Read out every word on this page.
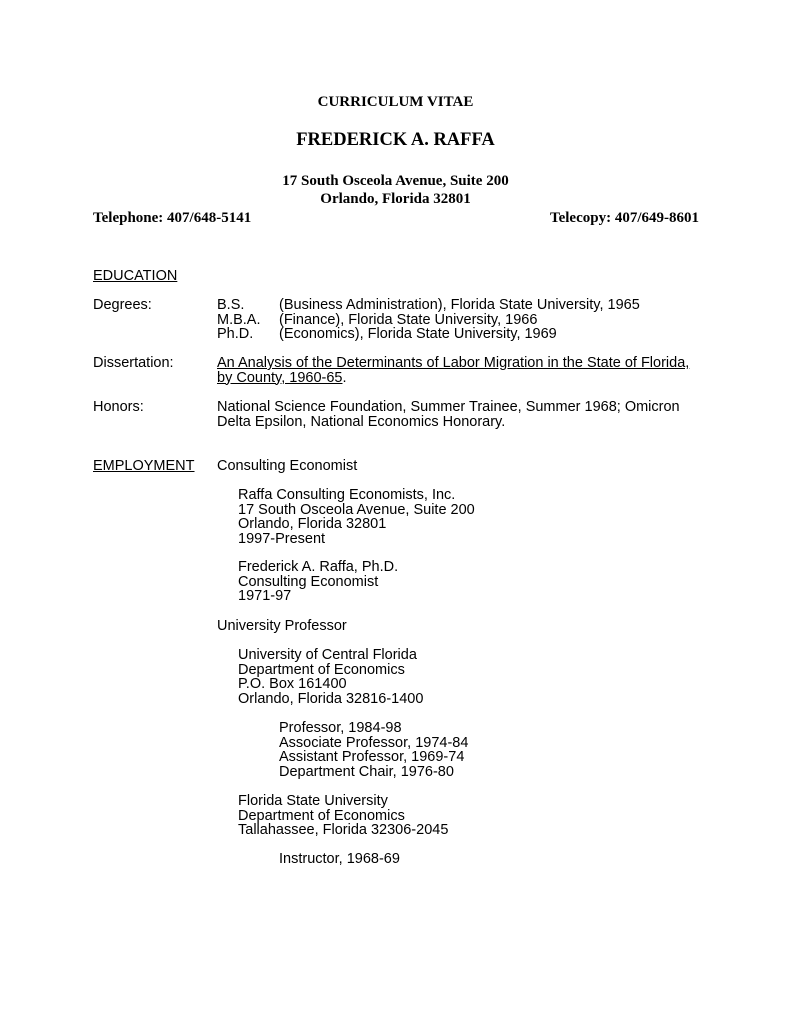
CURRICULUM VITAE
FREDERICK A. RAFFA
17 South Osceola Avenue, Suite 200
Orlando, Florida 32801
Telephone: 407/648-5141	Telecopy: 407/649-8601
EDUCATION
Degrees:	B.S. (Business Administration), Florida State University, 1965
M.B.A. (Finance), Florida State University, 1966
Ph.D. (Economics), Florida State University, 1969
Dissertation:	An Analysis of the Determinants of Labor Migration in the State of Florida,
by County, 1960-65.
Honors:	National Science Foundation, Summer Trainee, Summer 1968; Omicron
Delta Epsilon, National Economics Honorary.
EMPLOYMENT Consulting Economist
Raffa Consulting Economists, Inc.
17 South Osceola Avenue, Suite 200
Orlando, Florida 32801
1997-Present
Frederick A. Raffa, Ph.D.
Consulting Economist
1971-97
University Professor
University of Central Florida
Department of Economics
P.O. Box 161400
Orlando, Florida 32816-1400
Professor, 1984-98
Associate Professor, 1974-84
Assistant Professor, 1969-74
Department Chair, 1976-80
Florida State University
Department of Economics
Tallahassee, Florida 32306-2045
Instructor, 1968-69
